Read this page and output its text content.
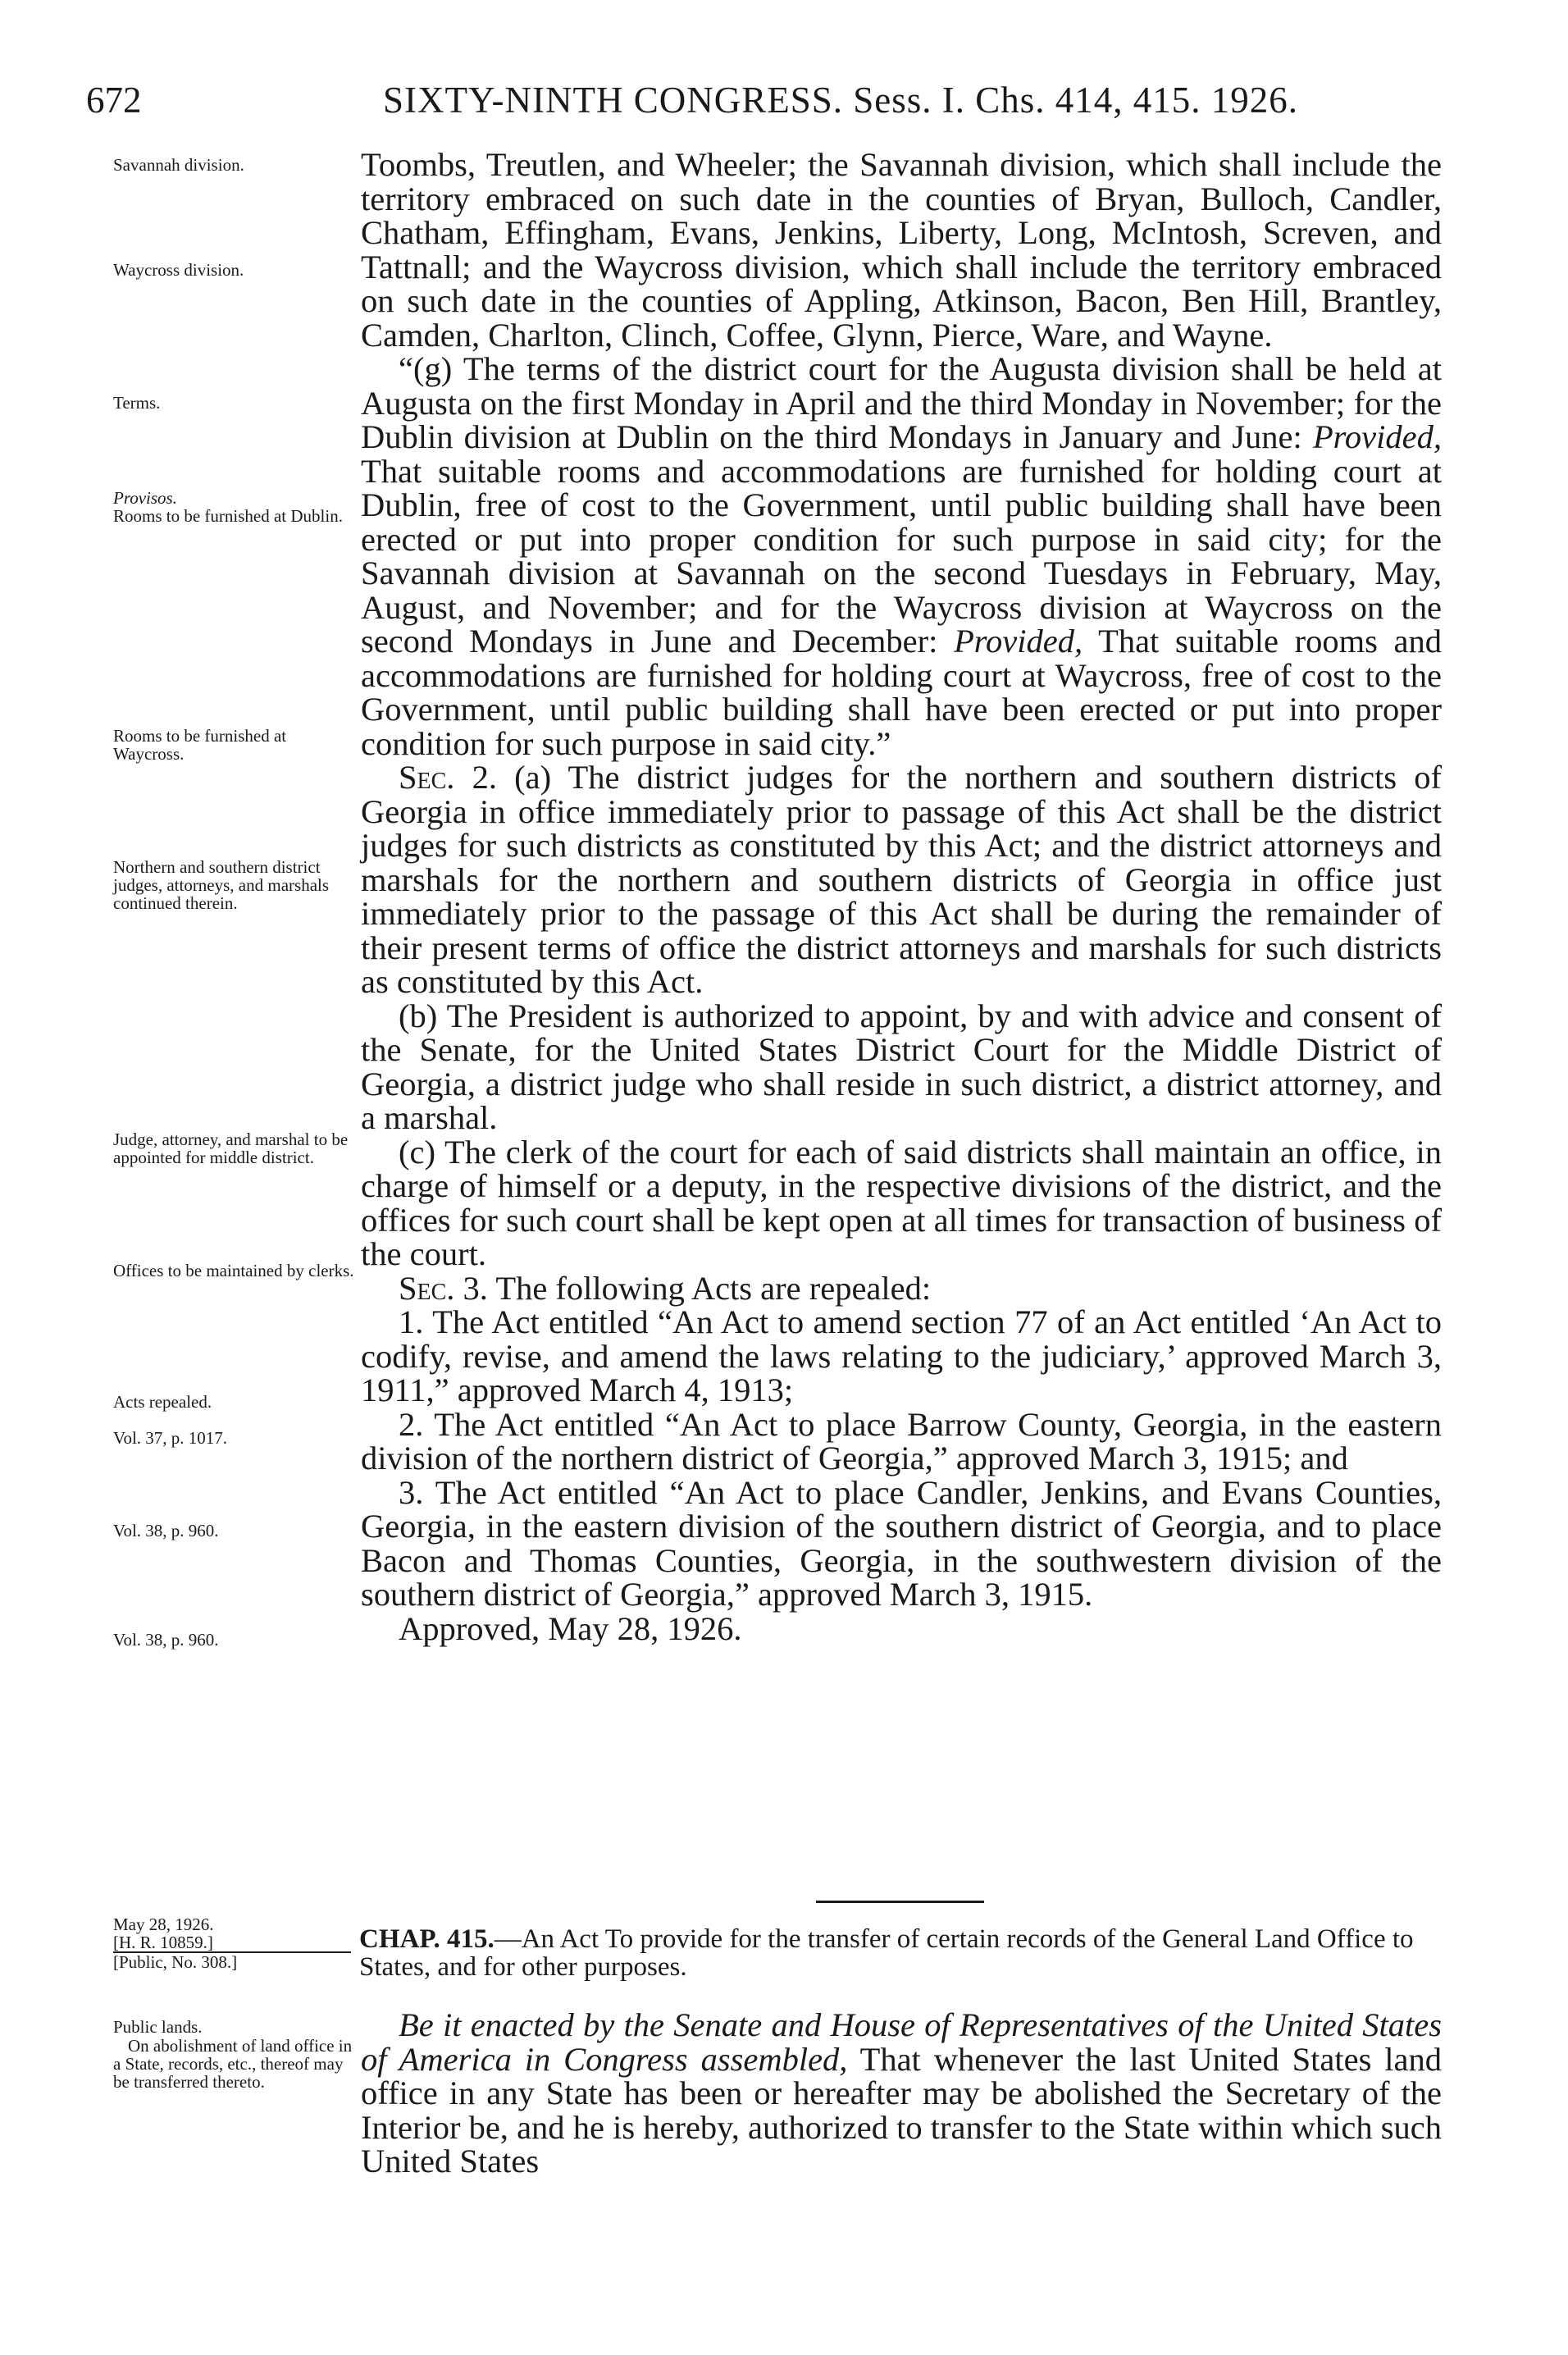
672	SIXTY-NINTH CONGRESS. Sess. I. Chs. 414, 415. 1926.
Savannah division.
Waycross division.
Terms.
Provisos.
Rooms to be furnished at Dublin.
Rooms to be furnished at Waycross.
Northern and southern district judges, attorneys, and marshals continued therein.
Judge, attorney, and marshal to be appointed for middle district.
Offices to be maintained by clerks.
Acts repealed.
Vol. 37, p. 1017.
Vol. 38, p. 960.
Vol. 38, p. 960.

Toombs, Treutlen, and Wheeler; the Savannah division, which shall include the territory embraced on such date in the counties of Bryan, Bulloch, Candler, Chatham, Effingham, Evans, Jenkins, Liberty, Long, McIntosh, Screven, and Tattnall; and the Waycross division, which shall include the territory embraced on such date in the counties of Appling, Atkinson, Bacon, Ben Hill, Brantley, Camden, Charlton, Clinch, Coffee, Glynn, Pierce, Ware, and Wayne.

“(g) The terms of the district court for the Augusta division shall be held at Augusta on the first Monday in April and the third Monday in November; for the Dublin division at Dublin on the third Mondays in January and June: Provided, That suitable rooms and accommodations are furnished for holding court at Dublin, free of cost to the Government, until public building shall have been erected or put into proper condition for such purpose in said city; for the Savannah division at Savannah on the second Tuesdays in February, May, August, and November; and for the Waycross division at Waycross on the second Mondays in June and December: Provided, That suitable rooms and accommodations are furnished for holding court at Waycross, free of cost to the Government, until public building shall have been erected or put into proper condition for such purpose in said city.”

Sec. 2. (a) The district judges for the northern and southern districts of Georgia in office immediately prior to passage of this Act shall be the district judges for such districts as constituted by this Act; and the district attorneys and marshals for the northern and southern districts of Georgia in office just immediately prior to the passage of this Act shall be during the remainder of their present terms of office the district attorneys and marshals for such districts as constituted by this Act.

(b) The President is authorized to appoint, by and with advice and consent of the Senate, for the United States District Court for the Middle District of Georgia, a district judge who shall reside in such district, a district attorney, and a marshal.

(c) The clerk of the court for each of said districts shall maintain an office, in charge of himself or a deputy, in the respective divisions of the district, and the offices for such court shall be kept open at all times for transaction of business of the court.

Sec. 3. The following Acts are repealed:

1. The Act entitled “An Act to amend section 77 of an Act entitled ‘An Act to codify, revise, and amend the laws relating to the judiciary,’ approved March 3, 1911,” approved March 4, 1913;

2. The Act entitled “An Act to place Barrow County, Georgia, in the eastern division of the northern district of Georgia,” approved March 3, 1915; and

3. The Act entitled “An Act to place Candler, Jenkins, and Evans Counties, Georgia, in the eastern division of the southern district of Georgia, and to place Bacon and Thomas Counties, Georgia, in the southwestern division of the southern district of Georgia,” approved March 3, 1915.

Approved, May 28, 1926.

May 28, 1926.
[H. R. 10859.]
[Public, No. 308.]
CHAP. 415.—An Act To provide for the transfer of certain records of the General Land Office to States, and for other purposes.
Public lands.
On abolishment of land office in a State, records, etc., thereof may be transferred thereto.

Be it enacted by the Senate and House of Representatives of the United States of America in Congress assembled, That whenever the last United States land office in any State has been or hereafter may be abolished the Secretary of the Interior be, and he is hereby, authorized to transfer to the State within which such United States
